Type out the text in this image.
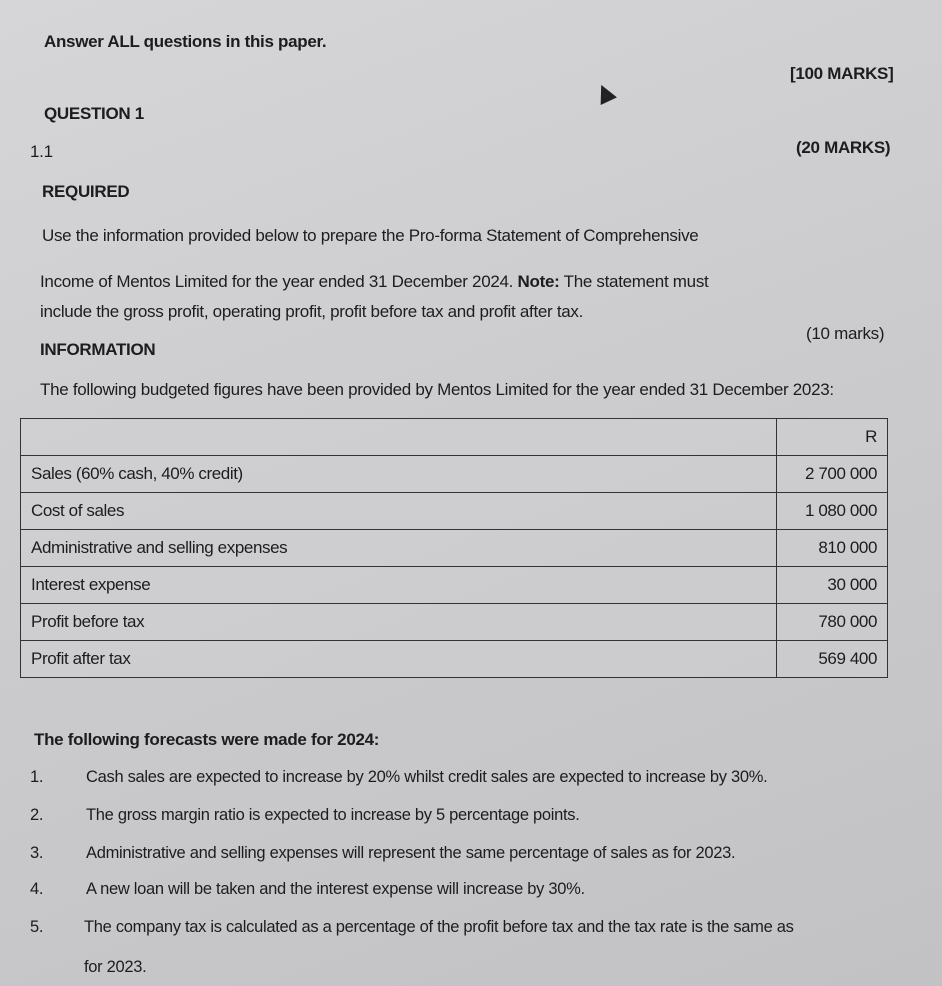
Answer ALL questions in this paper.
[100 MARKS]
QUESTION 1
1.1	(20 MARKS)
REQUIRED
Use the information provided below to prepare the Pro-forma Statement of Comprehensive
Income of Mentos Limited for the year ended 31 December 2024. Note: The statement must
include the gross profit, operating profit, profit before tax and profit after tax.
(10 marks)
INFORMATION
The following budgeted figures have been provided by Mentos Limited for the year ended 31 December 2023:
	R
Sales (60% cash, 40% credit)	2 700 000
Cost of sales	1 080 000
Administrative and selling expenses	810 000
Interest expense	30 000
Profit before tax	780 000
Profit after tax	569 400
The following forecasts were made for 2024:
1.	Cash sales are expected to increase by 20% whilst credit sales are expected to increase by 30%.
2.	The gross margin ratio is expected to increase by 5 percentage points.
3.	Administrative and selling expenses will represent the same percentage of sales as for 2023.
4.	A new loan will be taken and the interest expense will increase by 30%.
5. The company tax is calculated as a percentage of the profit before tax and the tax rate is the same as
for 2023.
